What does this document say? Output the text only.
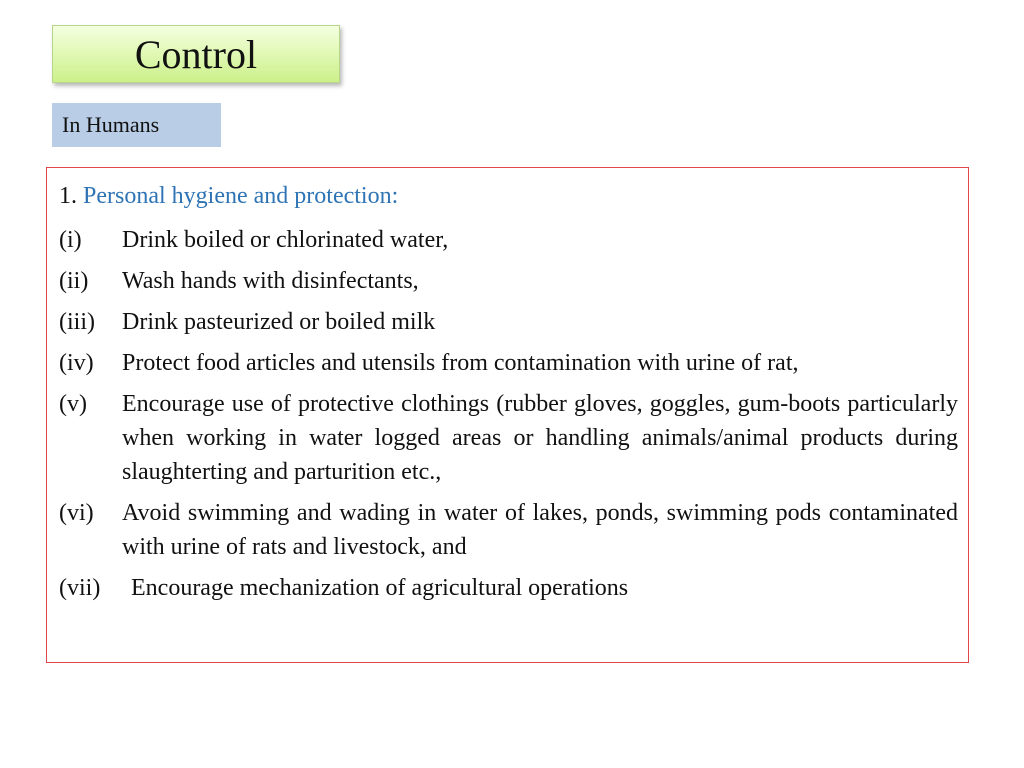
Control
In Humans
1. Personal hygiene and protection:
(i)	Drink boiled or chlorinated water,
(ii)	Wash hands with disinfectants,
(iii)	Drink pasteurized or boiled milk
(iv)	Protect food articles and utensils from contamination with urine of rat,
(v)	Encourage use of protective clothings (rubber gloves, goggles, gum-boots particularly when working in water logged areas or handling animals/animal products during slaughterting and parturition etc.,
(vi)	Avoid swimming and wading in water of lakes, ponds, swimming pods contaminated with urine of rats and livestock, and
(vii)	Encourage mechanization of agricultural operations
